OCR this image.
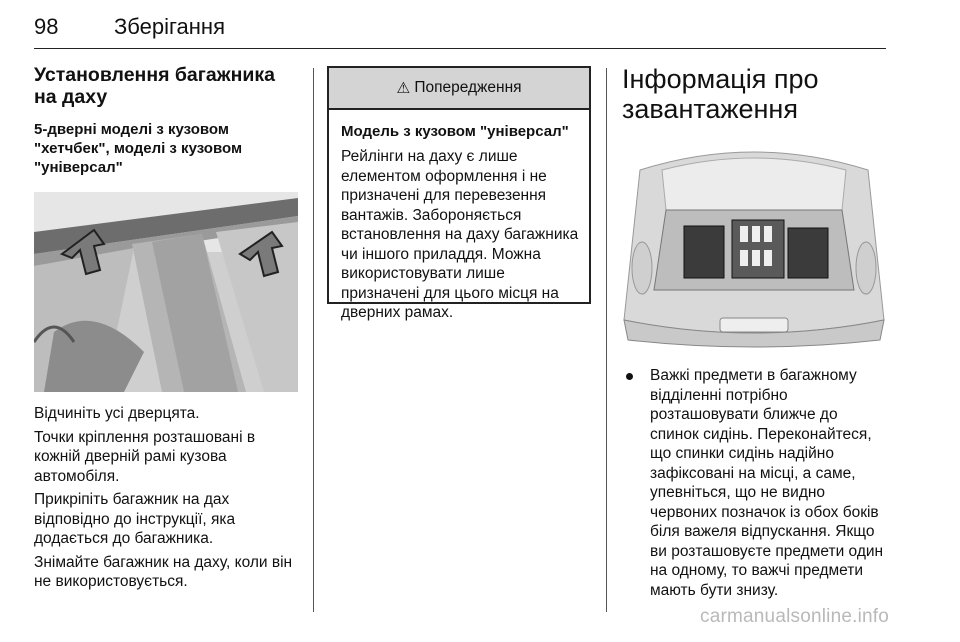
98	Зберігання
Установлення багажника на даху
5-дверні моделі з кузовом "хетчбек", моделі з кузовом "універсал"
Відчиніть усі дверцята.
Точки кріплення розташовані в кожній дверній рамі кузова автомобіля.
Прикріпіть багажник на дах відповідно до інструкції, яка додається до багажника.
Знімайте багажник на даху, коли він не використовується.
⚠ Попередження
Модель з кузовом "універсал"
Рейлінги на даху є лише елементом оформлення і не призначені для перевезення вантажів. Забороняється встановлення на даху багажника чи іншого приладдя. Можна використовувати лише призначені для цього місця на дверних рамах.
Інформація про завантаження
Важкі предмети в багажному відділенні потрібно розташовувати ближче до спинок сидінь. Переконайтеся, що спинки сидінь надійно зафіксовані на місці, а саме, упевніться, що не видно червоних позначок із обох боків біля важеля відпускання. Якщо ви розташовуєте предмети один на одному, то важчі предмети мають бути знизу.
carmanualsonline.info
